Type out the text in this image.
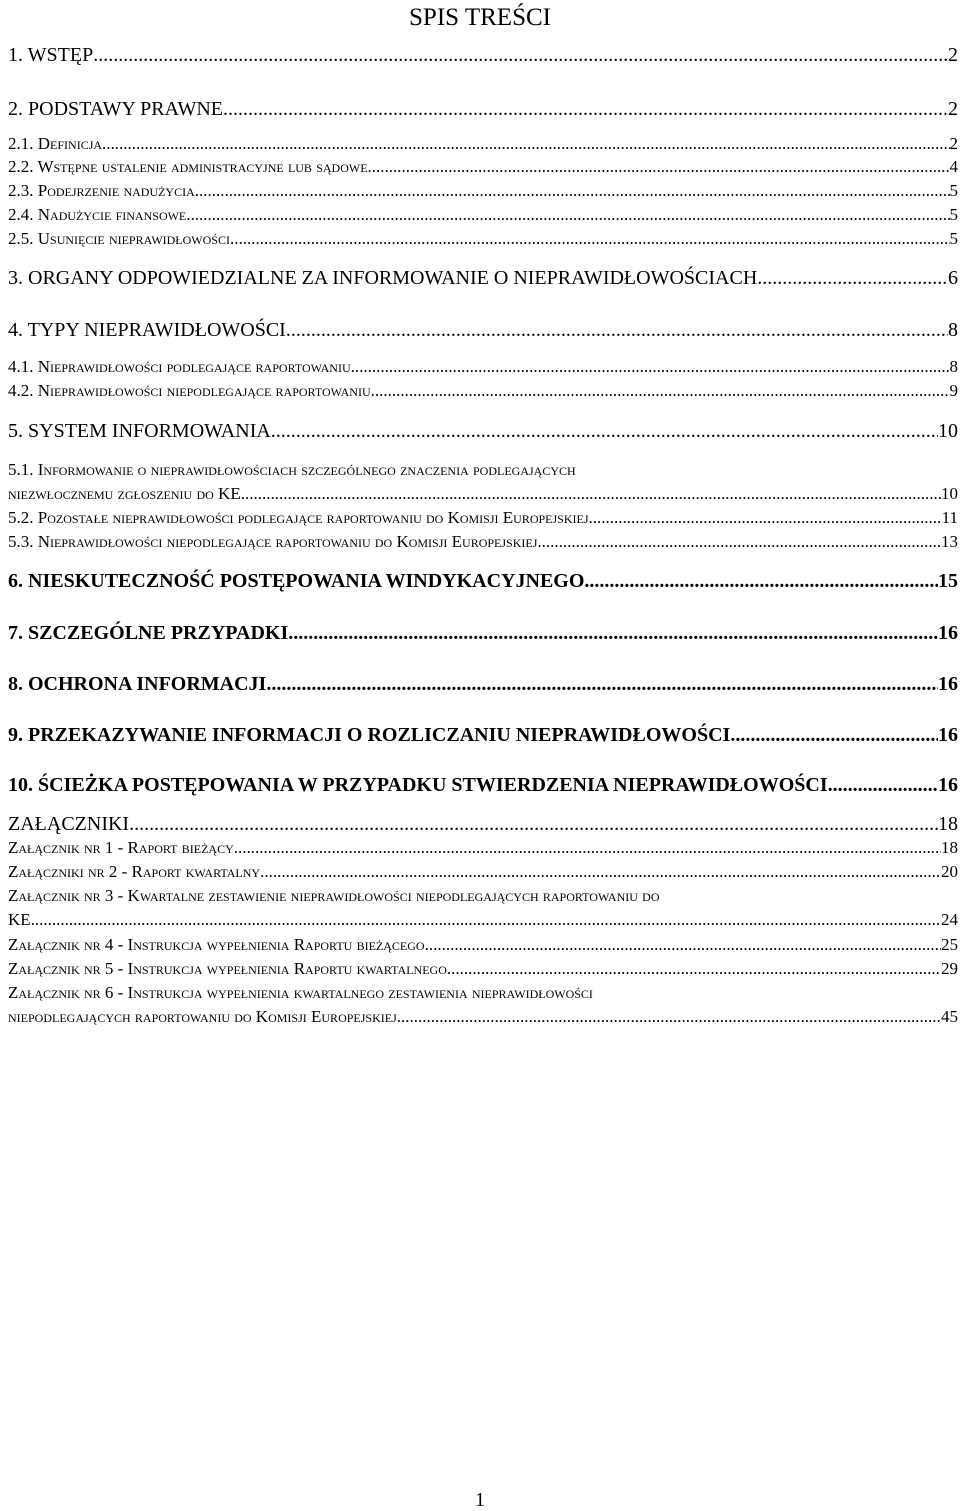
SPIS TREŚCI
1. WSTĘP .....	2
2. PODSTAWY PRAWNE .....	2
2.1. Definicja .....	2
2.2. Wstępne ustalenie administracyjne lub sądowe .....	4
2.3. Podejrzenie nadużycia .....	5
2.4. Nadużycie finansowe .....	5
2.5. Usunięcie nieprawidłowości .....	5
3. ORGANY ODPOWIEDZIALNE ZA INFORMOWANIE O NIEPRAWIDŁOWOŚCIACH .....	6
4. TYPY NIEPRAWIDŁOWOŚCI .....	8
4.1. Nieprawidłowości podlegające raportowaniu .....	8
4.2. Nieprawidłowości niepodlegające raportowaniu .....	9
5. SYSTEM INFORMOWANIA .....	10
5.1. Informowanie o nieprawidłowościach szczególnego znaczenia podlegających
niezwłocznemu zgłoszeniu do KE .....	10
5.2. Pozostałe nieprawidłowości podlegające raportowaniu do Komisji Europejskiej .....	11
5.3. Nieprawidłowości niepodlegające raportowaniu do Komisji Europejskiej .....	13
6. NIESKUTECZNOŚĆ POSTĘPOWANIA WINDYKACYJNEGO .....	15
7. SZCZEGÓLNE PRZYPADKI .....	16
8. OCHRONA INFORMACJI .....	16
9. PRZEKAZYWANIE INFORMACJI O ROZLICZANIU NIEPRAWIDŁOWOŚCI .....	16
10. ŚCIEŻKA POSTĘPOWANIA W PRZYPADKU STWIERDZENIA NIEPRAWIDŁOWOŚCI .....	16
ZAŁĄCZNIKI .....	18
Załącznik nr 1 - Raport bieżący .....	18
Załączniki nr 2 - Raport kwartalny .....	20
Załącznik nr 3 - Kwartalne zestawienie nieprawidłowości niepodlegających raportowaniu do
KE .....	24
Załącznik nr 4 - Instrukcja wypełnienia Raportu bieżącego .....	25
Załącznik nr 5 - Instrukcja wypełnienia Raportu kwartalnego .....	29
Załącznik nr 6 - Instrukcja wypełnienia kwartalnego zestawienia nieprawidłowości
niepodlegających raportowaniu do Komisji Europejskiej .....	45
1
